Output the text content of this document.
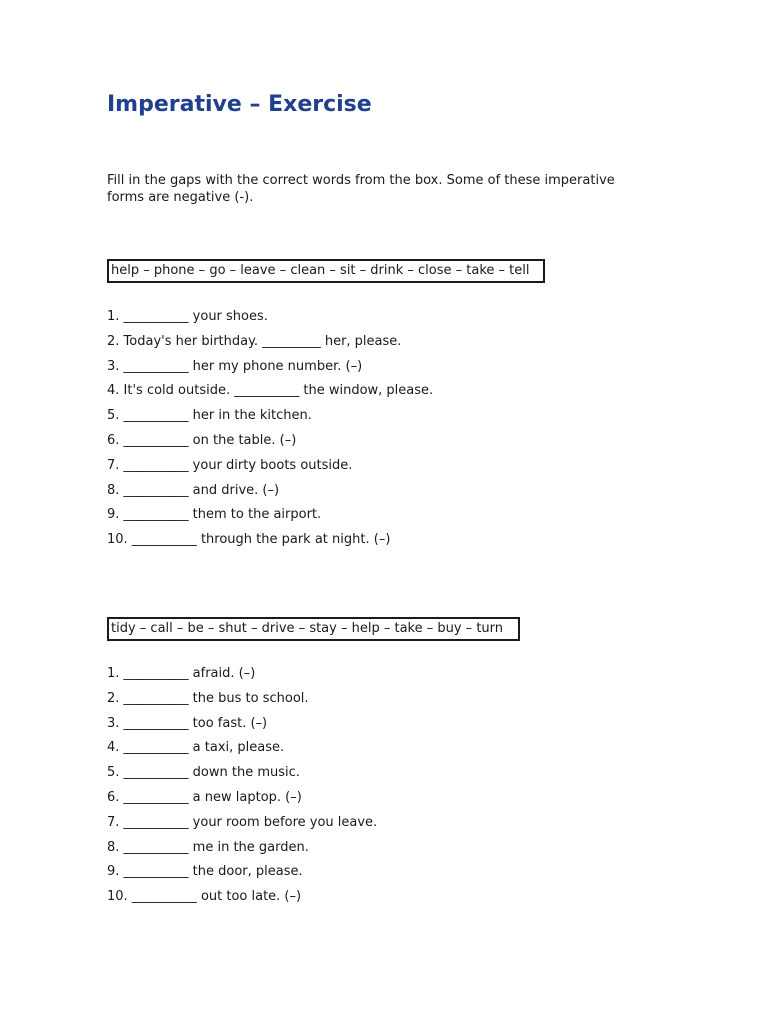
Imperative – Exercise

Fill in the gaps with the correct words from the box. Some of these imperative forms are negative (-).

help – phone – go – leave – clean – sit – drink – close – take – tell
1. __________ your shoes.
2. Today's her birthday. _________ her, please.
3. __________ her my phone number. (–)
4. It's cold outside. __________ the window, please.
5. __________ her in the kitchen.
6. __________ on the table. (–)
7. __________ your dirty boots outside.
8. __________ and drive. (–)
9. __________ them to the airport.
10. __________ through the park at night. (–)
tidy – call – be – shut – drive – stay – help – take – buy – turn
1. __________ afraid. (–)
2. __________ the bus to school.
3. __________ too fast. (–)
4. __________ a taxi, please.
5. __________ down the music.
6. __________ a new laptop. (–)
7. __________ your room before you leave.
8. __________ me in the garden.
9. __________ the door, please.
10. __________ out too late. (–)
